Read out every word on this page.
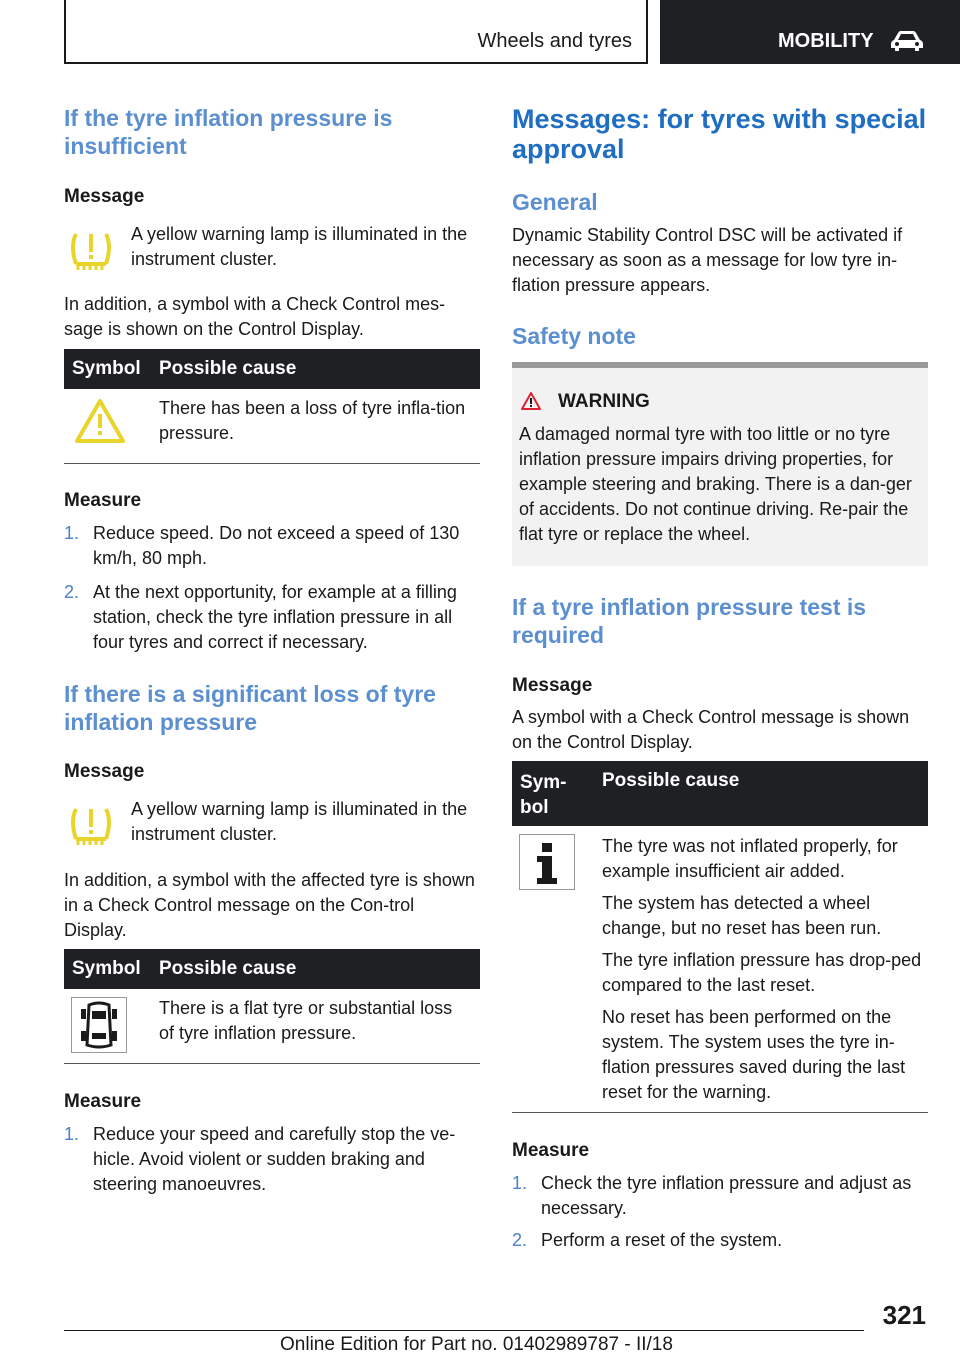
Wheels and tyres	MOBILITY
If the tyre inflation pressure is insufficient
Message

A yellow warning lamp is illuminated in the instrument cluster.

In addition, a symbol with a Check Control mes-sage is shown on the Control Display.

Symbol Possible cause

There has been a loss of tyre infla-tion pressure.

Measure
1. Reduce speed. Do not exceed a speed of 130 km/h, 80 mph.

2. At the next opportunity, for example at a filling station, check the tyre inflation pressure in all four tyres and correct if necessary.

If there is a significant loss of tyre inflation pressure
Message

A yellow warning lamp is illuminated in the instrument cluster.

In addition, a symbol with the affected tyre is shown in a Check Control message on the Con-trol Display.

Symbol Possible cause

There is a flat tyre or substantial loss of tyre inflation pressure.

Measure
1. Reduce your speed and carefully stop the ve-hicle. Avoid violent or sudden braking and steering manoeuvres.

Messages: for tyres with special approval
General

Dynamic Stability Control DSC will be activated if necessary as soon as a message for low tyre in-flation pressure appears.

Safety note
WARNING

A damaged normal tyre with too little or no tyre inflation pressure impairs driving properties, for example steering and braking. There is a dan-ger of accidents. Do not continue driving. Re-pair the flat tyre or replace the wheel.

If a tyre inflation pressure test is required
Message

A symbol with a Check Control message is shown on the Control Display.

Sym-bol
Possible cause

The tyre was not inflated properly, for example insufficient air added.

The system has detected a wheel change, but no reset has been run.

The tyre inflation pressure has drop-ped compared to the last reset.

No reset has been performed on the system. The system uses the tyre in-flation pressures saved during the last reset for the warning.

Measure
1. Check the tyre inflation pressure and adjust as necessary.

2. Perform a reset of the system.

321
Online Edition for Part no. 01402989787 - II/18
